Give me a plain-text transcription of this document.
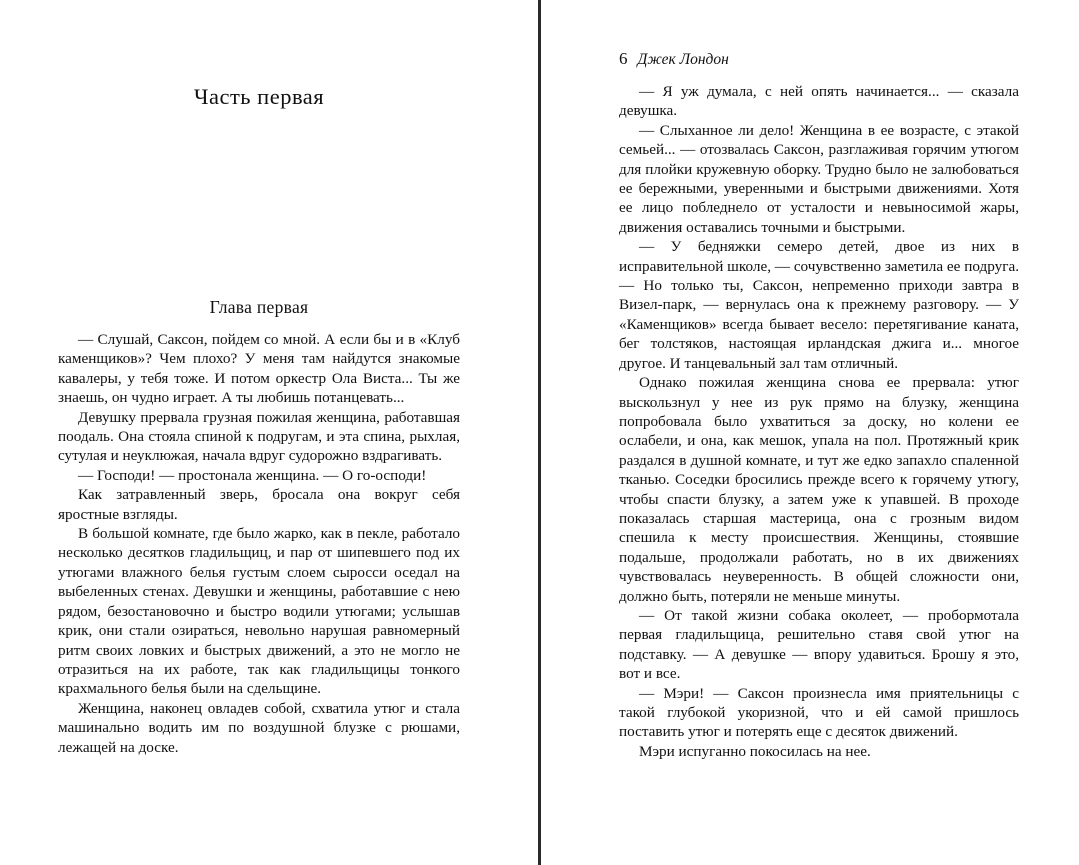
Часть первая
Глава первая

— Слушай, Саксон, пойдем со мной. А если бы и в «Клуб каменщиков»? Чем плохо? У меня там найдутся знакомые кавалеры, у тебя тоже. И потом оркестр Ола Виста... Ты же знаешь, он чудно играет. А ты любишь потанцевать...

Девушку прервала грузная пожилая женщина, работавшая поодаль. Она стояла спиной к подругам, и эта спина, рыхлая, сутулая и неуклюжая, начала вдруг судорожно вздрагивать.

— Господи! — простонала женщина. — О го-осподи!

Как затравленный зверь, бросала она вокруг себя яростные взгляды.

В большой комнате, где было жарко, как в пекле, работало несколько десятков гладильщиц, и пар от шипевшего под их утюгами влажного белья густым слоем сыросси оседал на выбеленных стенах. Девушки и женщины, работавшие с нею рядом, безостановочно и быстро водили утюгами; услышав крик, они стали озираться, невольно нарушая равномерный ритм своих ловких и быстрых движений, а это не могло не отразиться на их работе, так как гладильщицы тонкого крахмального белья были на сдельщине.

Женщина, наконец овладев собой, схватила утюг и стала машинально водить им по воздушной блузке с рюшами, лежащей на доске.

6 Джек Лондон

— Я уж думала, с ней опять начинается... — сказала девушка.

— Слыханное ли дело! Женщина в ее возрасте, с этакой семьей... — отозвалась Саксон, разглаживая горячим утюгом для плойки кружевную оборку. Трудно было не залюбоваться ее бережными, уверенными и быстрыми движениями. Хотя ее лицо побледнело от усталости и невыносимой жары, движения оставались точными и быстрыми.

— У бедняжки семеро детей, двое из них в исправительной школе, — сочувственно заметила ее подруга. — Но только ты, Саксон, непременно приходи завтра в Визел-парк, — вернулась она к прежнему разговору. — У «Каменщиков» всегда бывает весело: перетягивание каната, бег толстяков, настоящая ирландская джига и... многое другое. И танцевальный зал там отличный.

Однако пожилая женщина снова ее прервала: утюг выскользнул у нее из рук прямо на блузку, женщина попробовала было ухватиться за доску, но колени ее ослабели, и она, как мешок, упала на пол. Протяжный крик раздался в душной комнате, и тут же едко запахло спаленной тканью. Соседки бросились прежде всего к горячему утюгу, чтобы спасти блузку, а затем уже к упавшей. В проходе показалась старшая мастерица, она с грозным видом спешила к месту происшествия. Женщины, стоявшие подальше, продолжали работать, но в их движениях чувствовалась неуверенность. В общей сложности они, должно быть, потеряли не меньше минуты.

— От такой жизни собака околеет, — пробормотала первая гладильщица, решительно ставя свой утюг на подставку. — А девушке — впору удавиться. Брошу я это, вот и все.

— Мэри! — Саксон произнесла имя приятельницы с такой глубокой укоризной, что и ей самой пришлось поставить утюг и потерять еще с десяток движений.

Мэри испуганно покосилась на нее.
